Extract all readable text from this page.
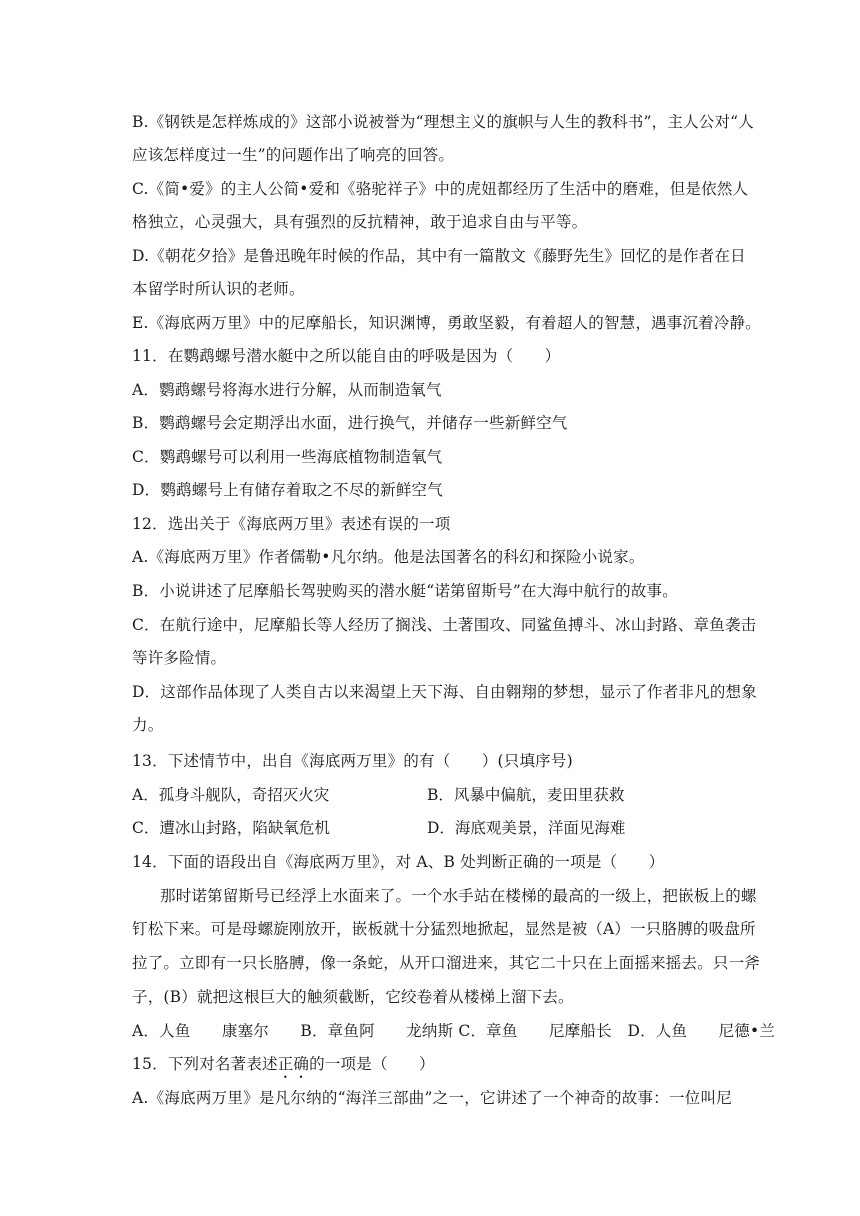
B.《钢铁是怎样炼成的》这部小说被誉为“理想主义的旗帜与人生的教科书”，主人公对“人
应该怎样度过一生”的问题作出了响亮的回答。
C.《简•爱》的主人公简•爱和《骆驼祥子》中的虎妞都经历了生活中的磨难，但是依然人
格独立，心灵强大，具有强烈的反抗精神，敢于追求自由与平等。
D.《朝花夕拾》是鲁迅晚年时候的作品，其中有一篇散文《藤野先生》回忆的是作者在日
本留学时所认识的老师。
E.《海底两万里》中的尼摩船长，知识渊博，勇敢坚毅，有着超人的智慧，遇事沉着冷静。
11．在鹦鹉螺号潜水艇中之所以能自由的呼吸是因为（　　）
A．鹦鹉螺号将海水进行分解，从而制造氧气
B．鹦鹉螺号会定期浮出水面，进行换气，并储存一些新鲜空气
C．鹦鹉螺号可以利用一些海底植物制造氧气
D．鹦鹉螺号上有储存着取之不尽的新鲜空气
12．选出关于《海底两万里》表述有误的一项
A.《海底两万里》作者儒勒•凡尔纳。他是法国著名的科幻和探险小说家。
B．小说讲述了尼摩船长驾驶购买的潜水艇“诺第留斯号”在大海中航行的故事。
C．在航行途中，尼摩船长等人经历了搁浅、土著围攻、同鲨鱼搏斗、冰山封路、章鱼袭击
等许多险情。
D．这部作品体现了人类自古以来渴望上天下海、自由翱翔的梦想，显示了作者非凡的想象
力。
13．下述情节中，出自《海底两万里》的有（　　）(只填序号)
A．孤身斗舰队，奇招灭火灾	B．风暴中偏航，麦田里获救
C．遭冰山封路，陷缺氧危机	D．海底观美景，洋面见海难
14．下面的语段出自《海底两万里》，对 A、B 处判断正确的一项是（　　）
那时诺第留斯号已经浮上水面来了。一个水手站在楼梯的最高的一级上，把嵌板上的螺
钉松下来。可是母螺旋刚放开，嵌板就十分猛烈地掀起，显然是被（A）一只胳膊的吸盘所
拉了。立即有一只长胳膊，像一条蛇，从开口溜进来，其它二十只在上面摇来摇去。只一斧
子，(B）就把这根巨大的触须截断，它绞卷着从楼梯上溜下去。
A．人鱼　　康塞尔　　B．章鱼阿　　龙纳斯 C．章鱼　　尼摩船长　D．人鱼　　尼德•兰
15．下列对名著表述正确的一项是（　　）
A.《海底两万里》是凡尔纳的“海洋三部曲”之一，它讲述了一个神奇的故事：一位叫尼
